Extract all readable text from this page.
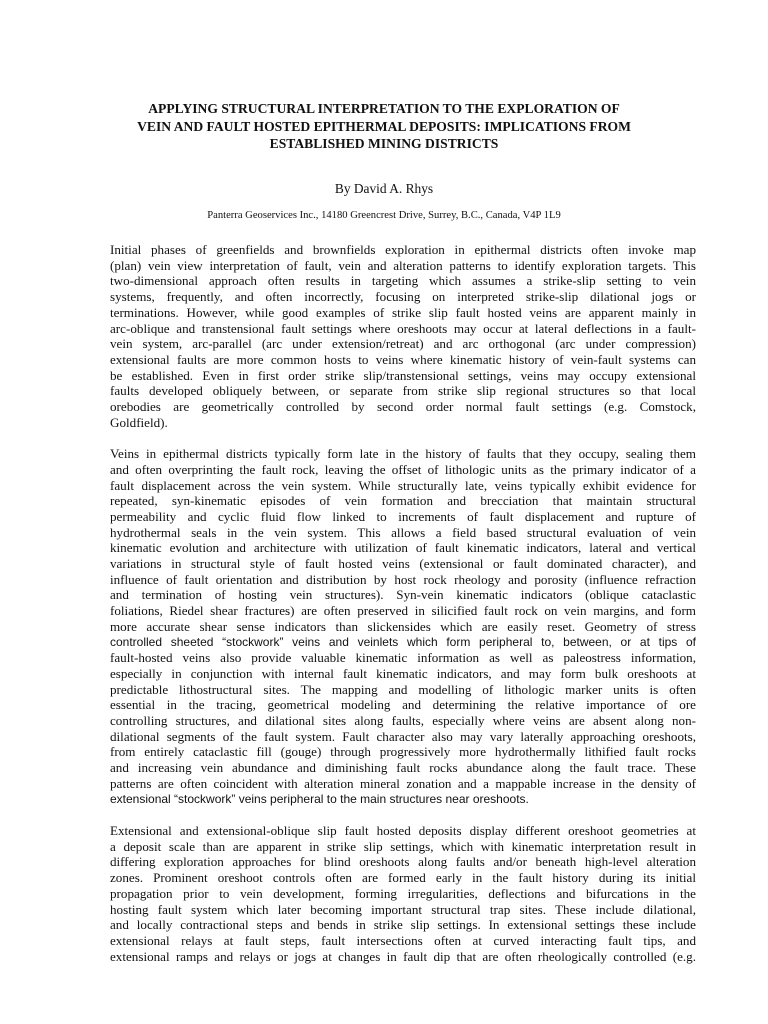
APPLYING STRUCTURAL INTERPRETATION TO THE EXPLORATION OF
VEIN AND FAULT HOSTED EPITHERMAL DEPOSITS: IMPLICATIONS FROM
ESTABLISHED MINING DISTRICTS

By David A. Rhys

Panterra Geoservices Inc., 14180 Greencrest Drive, Surrey, B.C., Canada, V4P 1L9

Initial phases of greenfields and brownfields exploration in epithermal districts often invoke map
(plan) vein view interpretation of fault, vein and alteration patterns to identify exploration targets. This
two-dimensional approach often results in targeting which assumes a strike-slip setting to vein
systems, frequently, and often incorrectly, focusing on interpreted strike-slip dilational jogs or
terminations. However, while good examples of strike slip fault hosted veins are apparent mainly in
arc-oblique and transtensional fault settings where oreshoots may occur at lateral deflections in a fault-
vein system, arc-parallel (arc under extension/retreat) and arc orthogonal (arc under compression)
extensional faults are more common hosts to veins where kinematic history of vein-fault systems can
be established. Even in first order strike slip/transtensional settings, veins may occupy extensional
faults developed obliquely between, or separate from strike slip regional structures so that local
orebodies are geometrically controlled by second order normal fault settings (e.g. Comstock,
Goldfield).

Veins in epithermal districts typically form late in the history of faults that they occupy, sealing them
and often overprinting the fault rock, leaving the offset of lithologic units as the primary indicator of a
fault displacement across the vein system. While structurally late, veins typically exhibit evidence for
repeated, syn-kinematic episodes of vein formation and brecciation that maintain structural
permeability and cyclic fluid flow linked to increments of fault displacement and rupture of
hydrothermal seals in the vein system. This allows a field based structural evaluation of vein
kinematic evolution and architecture with utilization of fault kinematic indicators, lateral and vertical
variations in structural style of fault hosted veins (extensional or fault dominated character), and
influence of fault orientation and distribution by host rock rheology and porosity (influence refraction
and termination of hosting vein structures). Syn-vein kinematic indicators (oblique cataclastic
foliations, Riedel shear fractures) are often preserved in silicified fault rock on vein margins, and form
more accurate shear sense indicators than slickensides which are easily reset. Geometry of stress
controlled sheeted “stockwork” veins and veinlets which form peripheral to, between, or at tips of
fault-hosted veins also provide valuable kinematic information as well as paleostress information,
especially in conjunction with internal fault kinematic indicators, and may form bulk oreshoots at
predictable lithostructural sites. The mapping and modelling of lithologic marker units is often
essential in the tracing, geometrical modeling and determining the relative importance of ore
controlling structures, and dilational sites along faults, especially where veins are absent along non-
dilational segments of the fault system. Fault character also may vary laterally approaching oreshoots,
from entirely cataclastic fill (gouge) through progressively more hydrothermally lithified fault rocks
and increasing vein abundance and diminishing fault rocks abundance along the fault trace. These
patterns are often coincident with alteration mineral zonation and a mappable increase in the density of
extensional “stockwork” veins peripheral to the main structures near oreshoots.

Extensional and extensional-oblique slip fault hosted deposits display different oreshoot geometries at
a deposit scale than are apparent in strike slip settings, which with kinematic interpretation result in
differing exploration approaches for blind oreshoots along faults and/or beneath high-level alteration
zones. Prominent oreshoot controls often are formed early in the fault history during its initial
propagation prior to vein development, forming irregularities, deflections and bifurcations in the
hosting fault system which later becoming important structural trap sites. These include dilational,
and locally contractional steps and bends in strike slip settings. In extensional settings these include
extensional relays at fault steps, fault intersections often at curved interacting fault tips, and
extensional ramps and relays or jogs at changes in fault dip that are often rheologically controlled (e.g.
